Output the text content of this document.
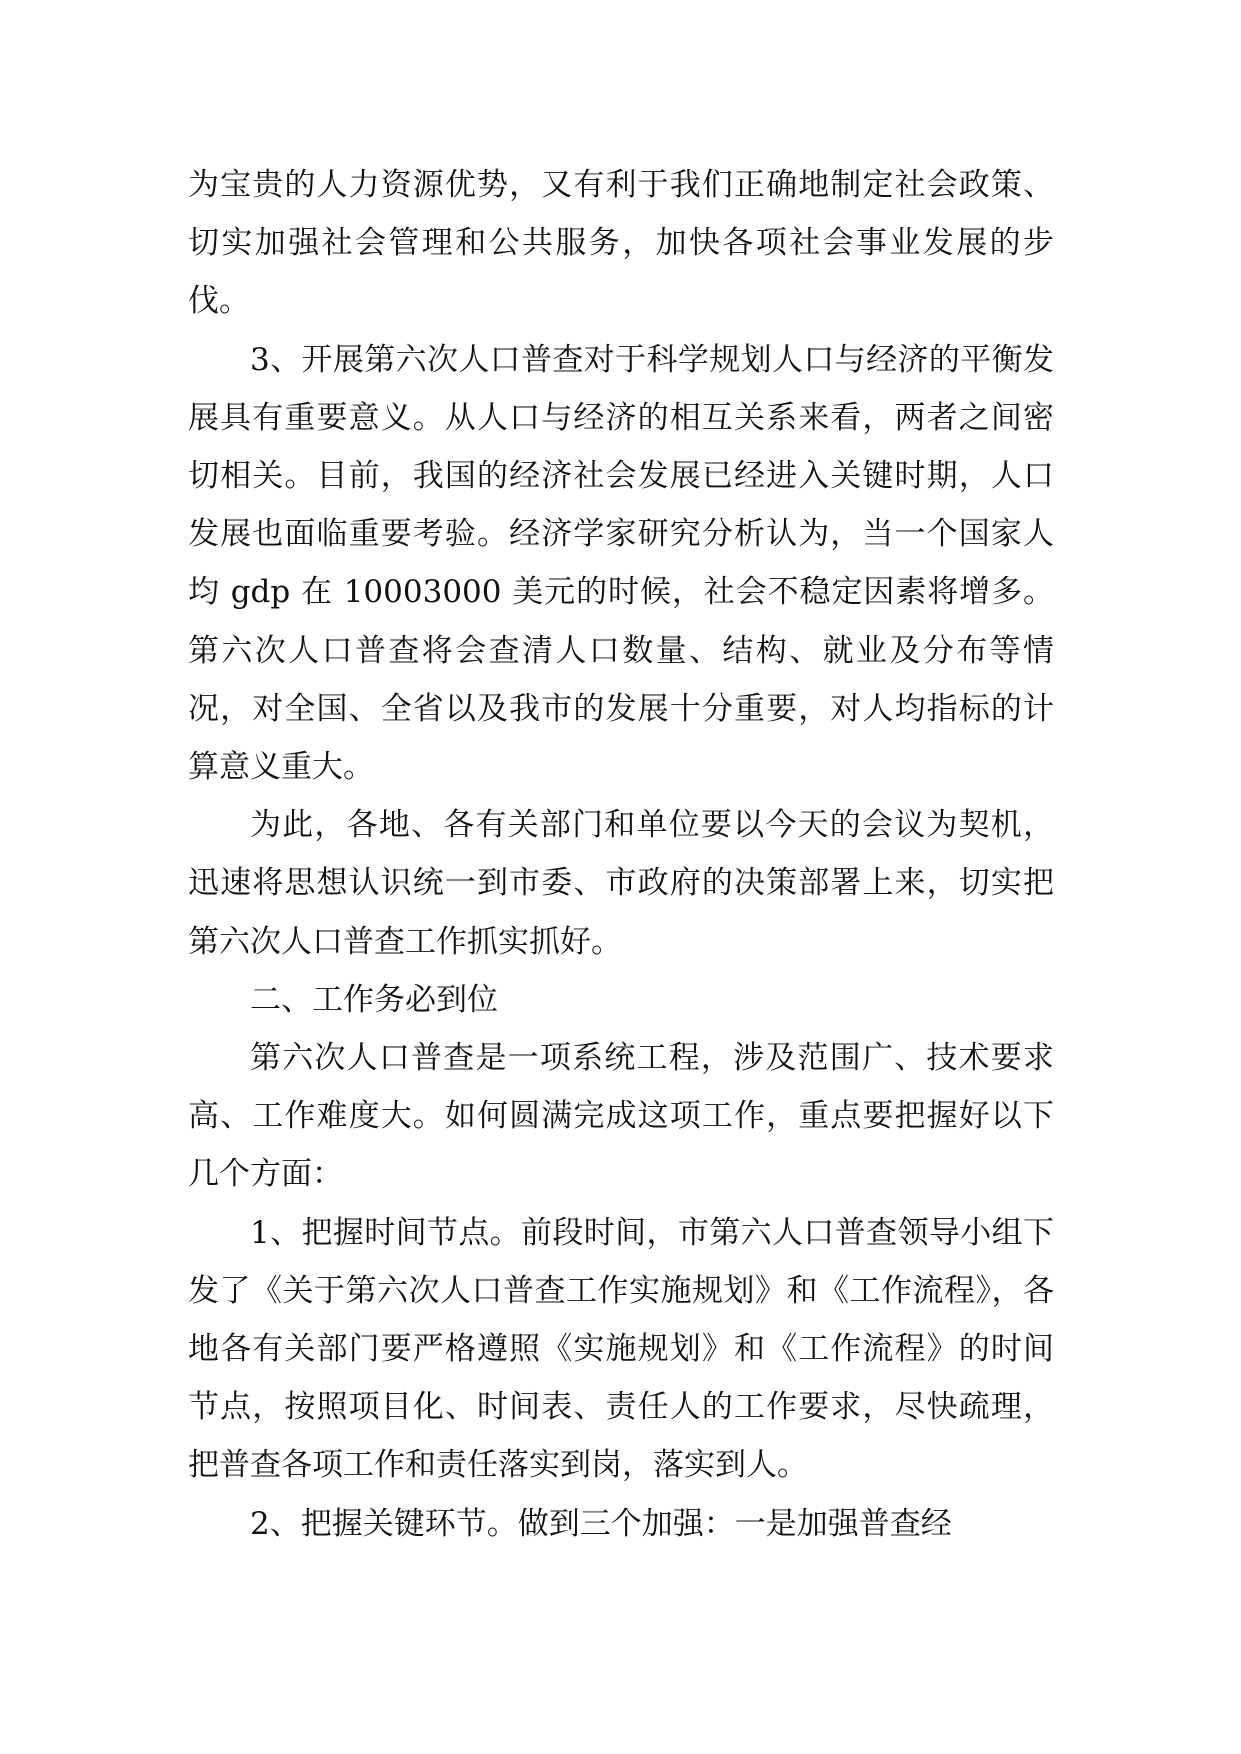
为宝贵的人力资源优势，又有利于我们正确地制定社会政策、切实加强社会管理和公共服务，加快各项社会事业发展的步伐。

3、开展第六次人口普查对于科学规划人口与经济的平衡发展具有重要意义。从人口与经济的相互关系来看，两者之间密切相关。目前，我国的经济社会发展已经进入关键时期，人口发展也面临重要考验。经济学家研究分析认为，当一个国家人均 gdp 在 10003000 美元的时候，社会不稳定因素将增多。第六次人口普查将会查清人口数量、结构、就业及分布等情况，对全国、全省以及我市的发展十分重要，对人均指标的计算意义重大。

为此，各地、各有关部门和单位要以今天的会议为契机，迅速将思想认识统一到市委、市政府的决策部署上来，切实把第六次人口普查工作抓实抓好。

二、工作务必到位

第六次人口普查是一项系统工程，涉及范围广、技术要求高、工作难度大。如何圆满完成这项工作，重点要把握好以下几个方面：

1、把握时间节点。前段时间，市第六人口普查领导小组下发了《关于第六次人口普查工作实施规划》和《工作流程》，各地各有关部门要严格遵照《实施规划》和《工作流程》的时间节点，按照项目化、时间表、责任人的工作要求，尽快疏理，把普查各项工作和责任落实到岗，落实到人。

2、把握关键环节。做到三个加强：一是加强普查经
